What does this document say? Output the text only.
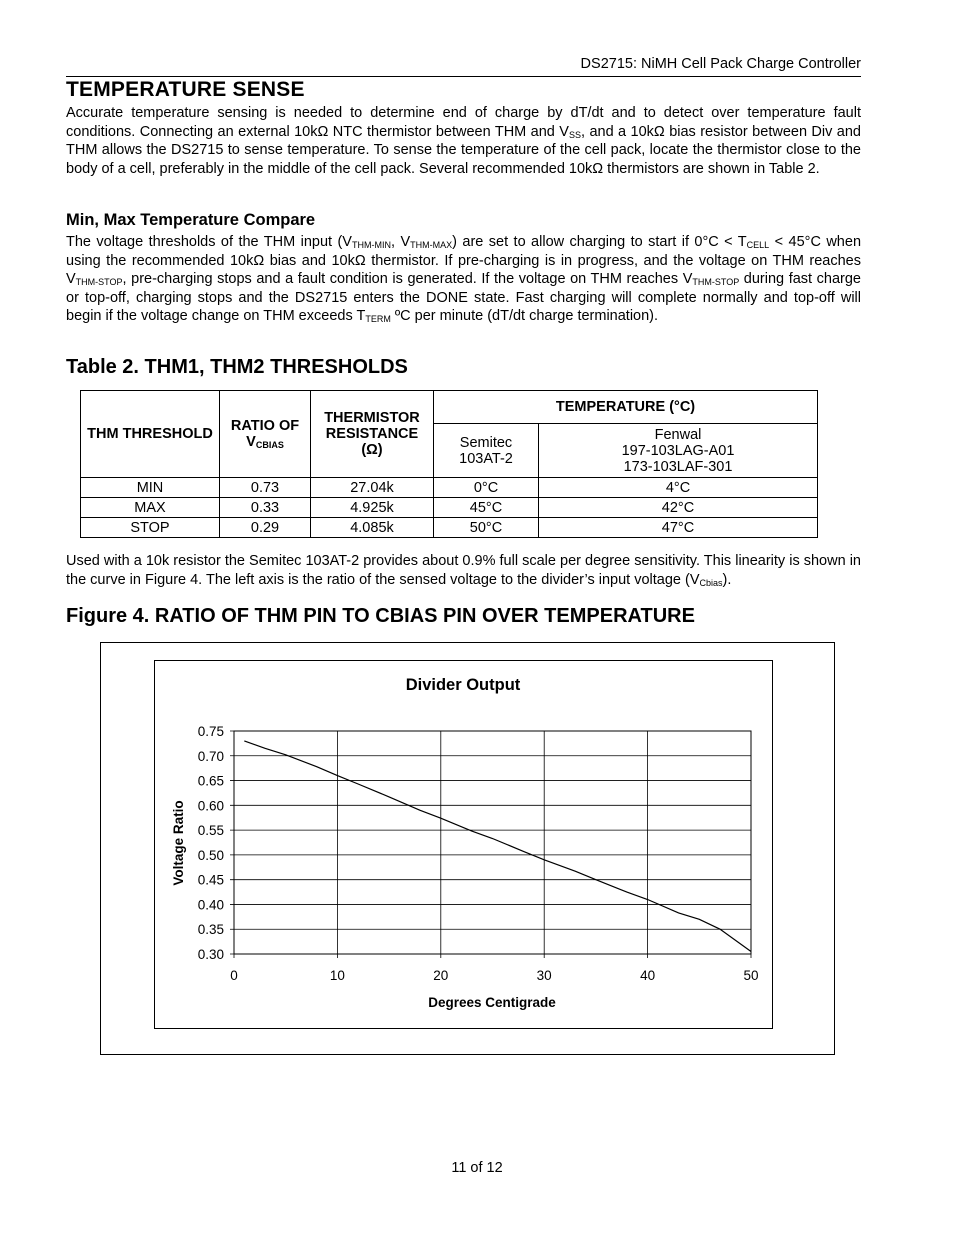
DS2715: NiMH Cell Pack Charge Controller
TEMPERATURE SENSE

Accurate temperature sensing is needed to determine end of charge by dT/dt and to detect over temperature fault conditions. Connecting an external 10kΩ NTC thermistor between THM and $V_{SS}$, and a 10kΩ bias resistor between Div and THM allows the DS2715 to sense temperature. To sense the temperature of the cell pack, locate the thermistor close to the body of a cell, preferably in the middle of the cell pack. Several recommended 10kΩ thermistors are shown in Table 2.

Min, Max Temperature Compare

The voltage thresholds of the THM input ($V_{THM-MIN}$, $V_{THM-MAX}$) are set to allow charging to start if $0^\circ C < T_{CELL} < 45^\circ C$ when using the recommended 10kΩ bias and 10kΩ thermistor. If pre-charging is in progress, and the voltage on THM reaches $V_{THM-STOP}$, pre-charging stops and a fault condition is generated. If the voltage on THM reaches $V_{THM-STOP}$ during fast charge or top-off, charging stops and the DS2715 enters the DONE state. Fast charging will complete normally and top-off will begin if the voltage change on THM exceeds $T_{TERM}$ ºC per minute (dT/dt charge termination).

Table 2. THM1, THM2 THRESHOLDS
THM THRESHOLD	RATIO OF $V_{CBIAS}$	THERMISTOR RESISTANCE (Ω)	TEMPERATURE (°C)	
			Semitec 103AT-2	Fenwal
197-103LAG-A01
173-103LAF-301

MIN	0.73	27.04k	0°C	4°C
MAX	0.33	4.925k	45°C	42°C
STOP	0.29	4.085k	50°C	47°C

Used with a 10k resistor the Semitec 103AT-2 provides about 0.9% full scale per degree sensitivity. This linearity is shown in the curve in Figure 4. The left axis is the ratio of the sensed voltage to the divider’s input voltage $(V_{Cbias})$.

Figure 4. RATIO OF THM PIN TO CBIAS PIN OVER TEMPERATURE
Divider Output
0.75
0.70
0.65
0.60
0.55
0.50
0.45
0.40
0.35
0.30
0	10	20	30	40	50
Degrees Centigrade
Voltage Ratio
11 of 12
